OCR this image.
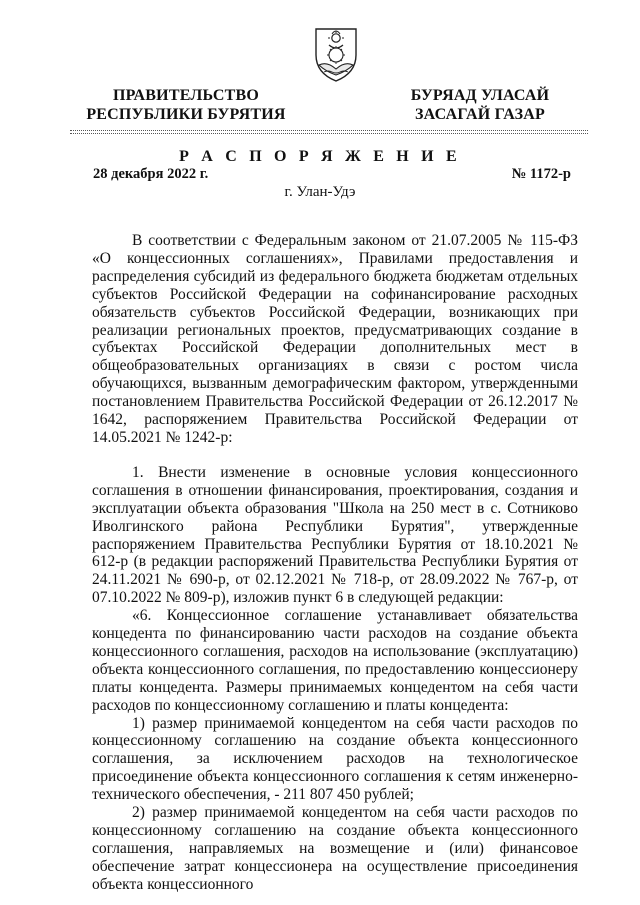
ПРАВИТЕЛЬСТВО
РЕСПУБЛИКИ БУРЯТИЯ
БУРЯАД УЛАСАЙ
ЗАСАГАЙ ГАЗАР
Р А С П О Р Я Ж Е Н И Е
28 декабря 2022 г.	№ 1172-р
г. Улан-Удэ

В соответствии с Федеральным законом от 21.07.2005 № 115-ФЗ «О концессионных соглашениях», Правилами предоставления и распределения субсидий из федерального бюджета бюджетам отдельных субъектов Российской Федерации на софинансирование расходных обязательств субъектов Российской Федерации, возникающих при реализации региональных проектов, предусматривающих создание в субъектах Российской Федерации дополнительных мест в общеобразовательных организациях в связи с ростом числа обучающихся, вызванным демографическим фактором, утвержденными постановлением Правительства Российской Федерации от 26.12.2017 № 1642, распоряжением Правительства Российской Федерации от 14.05.2021 № 1242-р:

1. Внести изменение в основные условия концессионного соглашения в отношении финансирования, проектирования, создания и эксплуатации объекта образования "Школа на 250 мест в с. Сотниково Иволгинского района Республики Бурятия", утвержденные распоряжением Правительства Республики Бурятия от 18.10.2021 № 612-р (в редакции распоряжений Правительства Республики Бурятия от 24.11.2021 № 690-р, от 02.12.2021 № 718-р, от 28.09.2022 № 767-р, от 07.10.2022 № 809-р), изложив пункт 6 в следующей редакции:

«6. Концессионное соглашение устанавливает обязательства концедента по финансированию части расходов на создание объекта концессионного соглашения, расходов на использование (эксплуатацию) объекта концессионного соглашения, по предоставлению концессионеру платы концедента. Размеры принимаемых концедентом на себя части расходов по концессионному соглашению и платы концедента:

1) размер принимаемой концедентом на себя части расходов по концессионному соглашению на создание объекта концессионного соглашения, за исключением расходов на технологическое присоединение объекта концессионного соглашения к сетям инженерно-технического обеспечения, - 211 807 450 рублей;

2) размер принимаемой концедентом на себя части расходов по концессионному соглашению на создание объекта концессионного соглашения, направляемых на возмещение и (или) финансовое обеспечение затрат концессионера на осуществление присоединения объекта концессионного
